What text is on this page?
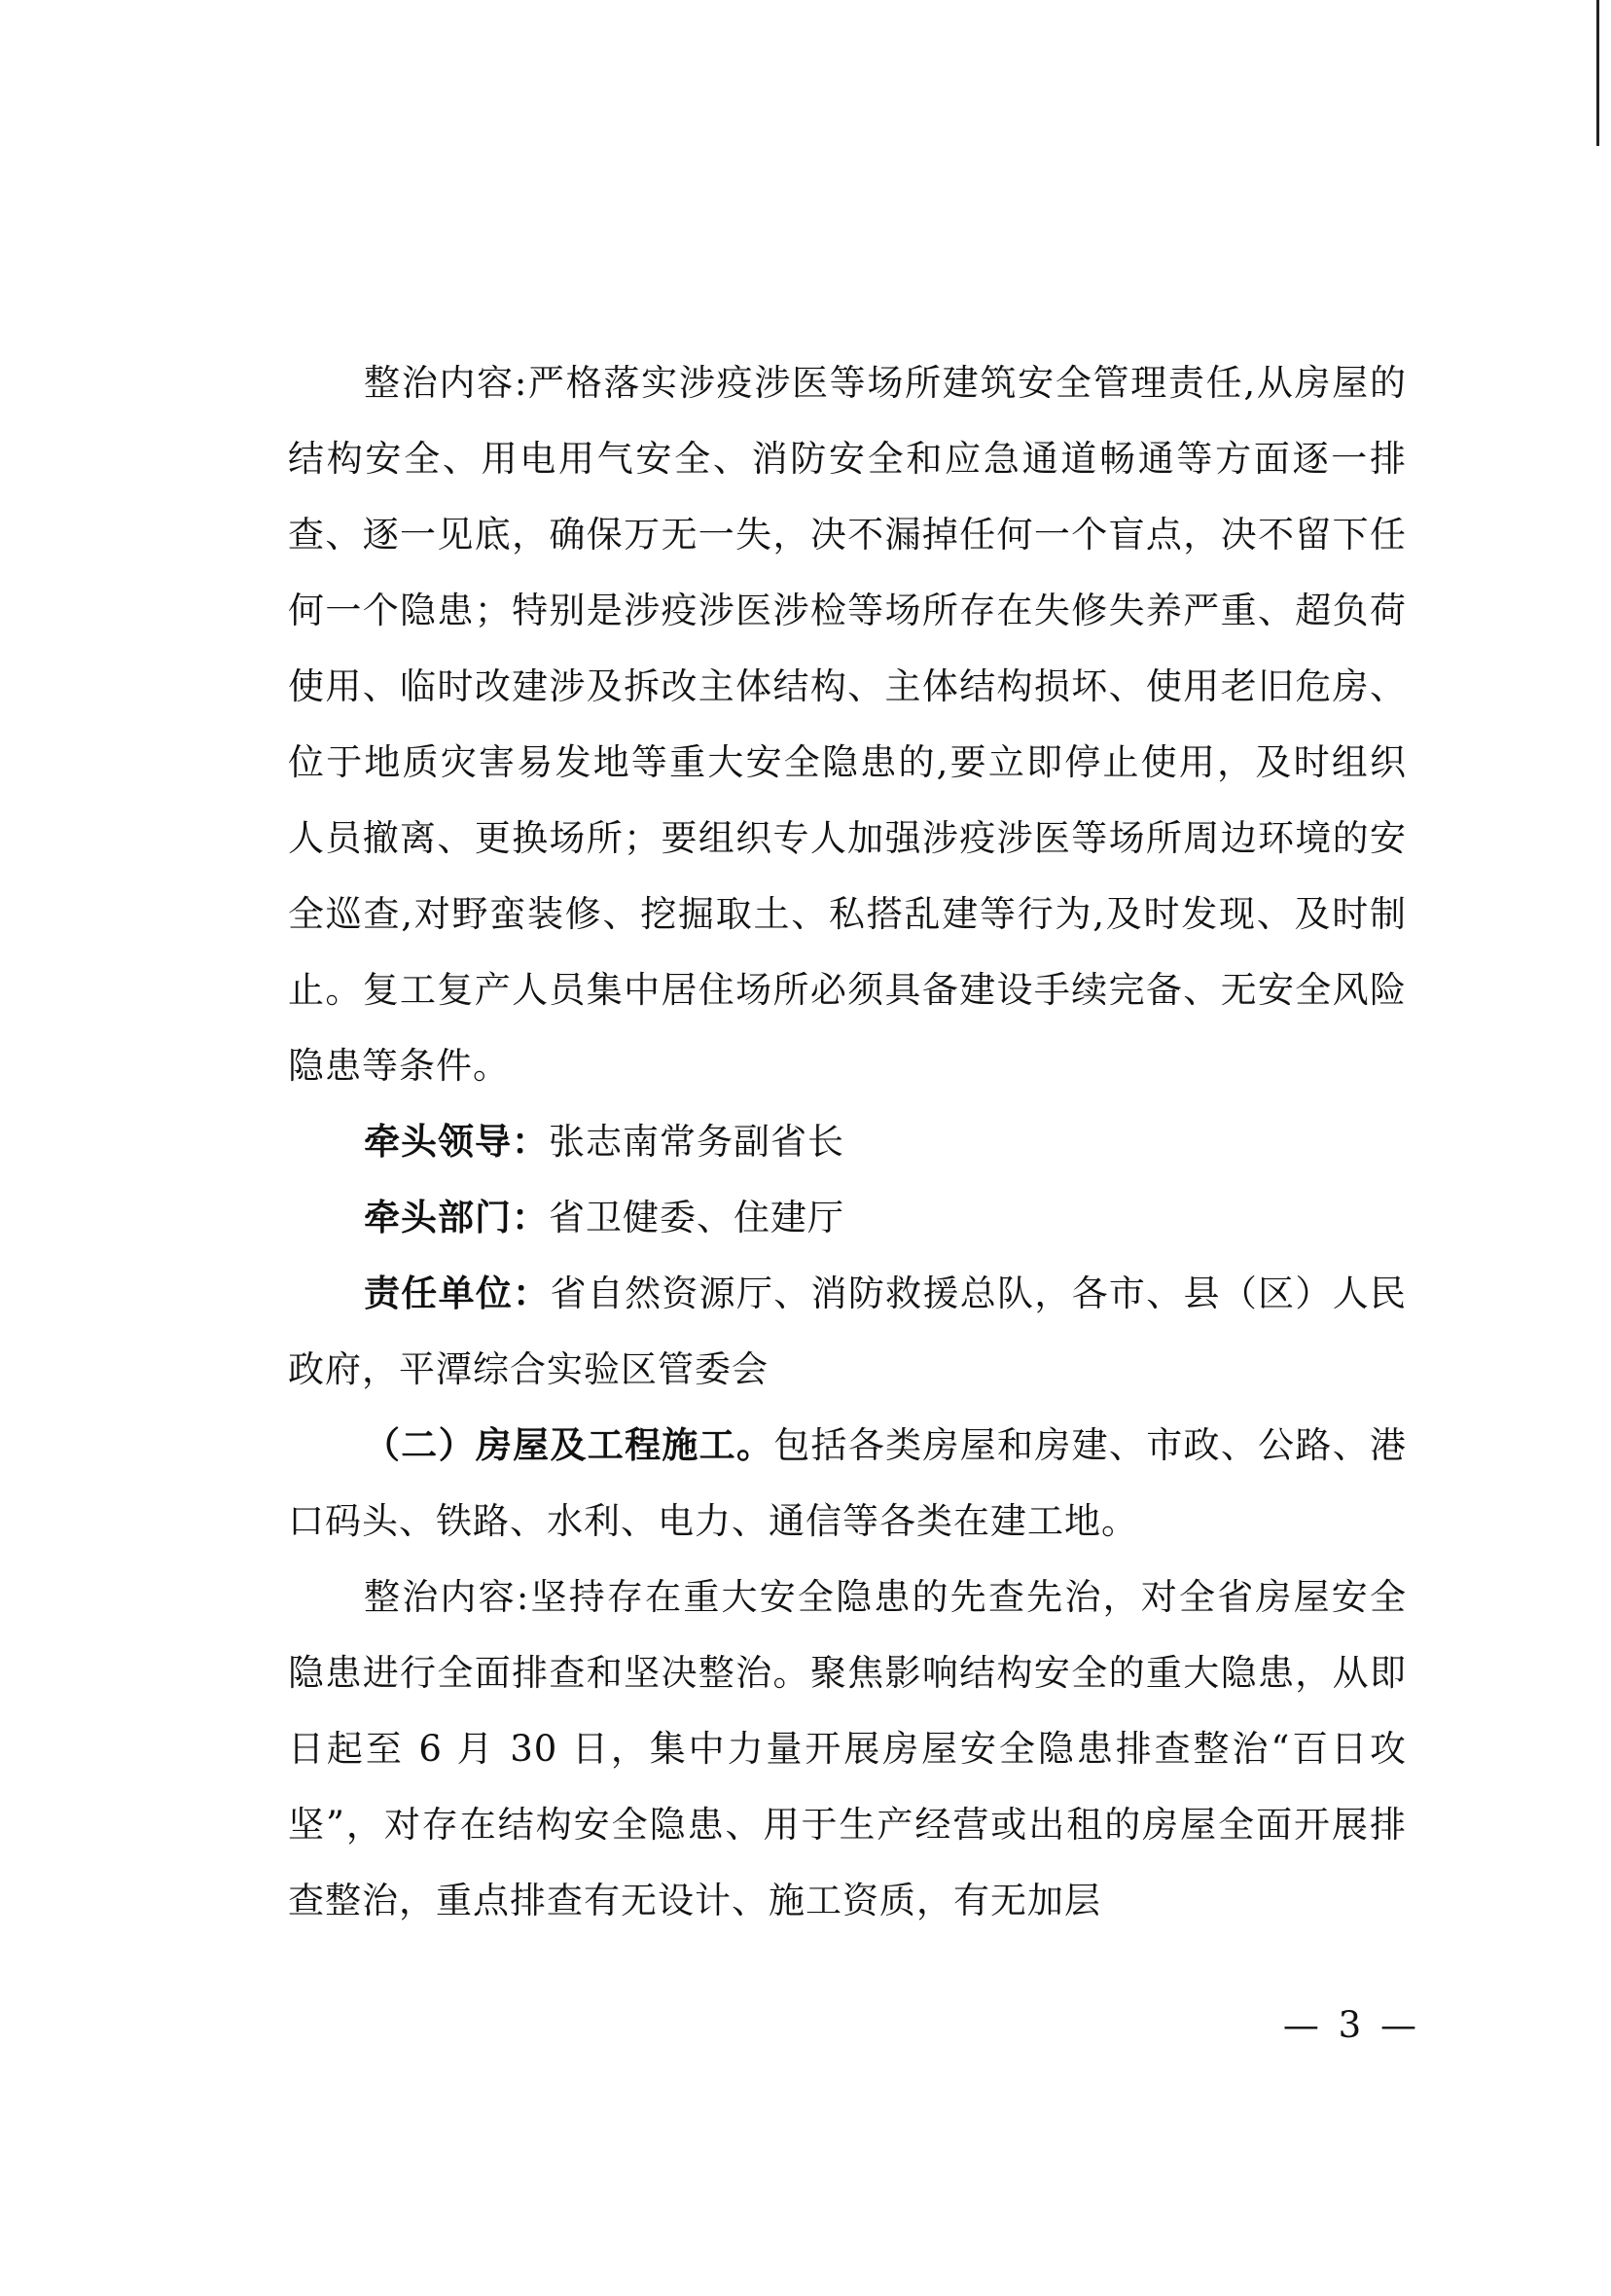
整治内容:严格落实涉疫涉医等场所建筑安全管理责任,从房屋的结构安全、用电用气安全、消防安全和应急通道畅通等方面逐一排查、逐一见底，确保万无一失，决不漏掉任何一个盲点，决不留下任何一个隐患；特别是涉疫涉医涉检等场所存在失修失养严重、超负荷使用、临时改建涉及拆改主体结构、主体结构损坏、使用老旧危房、位于地质灾害易发地等重大安全隐患的,要立即停止使用，及时组织人员撤离、更换场所；要组织专人加强涉疫涉医等场所周边环境的安全巡查,对野蛮装修、挖掘取土、私搭乱建等行为,及时发现、及时制止。复工复产人员集中居住场所必须具备建设手续完备、无安全风险隐患等条件。

牵头领导：张志南常务副省长

牵头部门：省卫健委、住建厅

责任单位：省自然资源厅、消防救援总队，各市、县（区）人民政府，平潭综合实验区管委会

（二）房屋及工程施工。包括各类房屋和房建、市政、公路、港口码头、铁路、水利、电力、通信等各类在建工地。

整治内容:坚持存在重大安全隐患的先查先治，对全省房屋安全隐患进行全面排查和坚决整治。聚焦影响结构安全的重大隐患，从即日起至 6 月 30 日，集中力量开展房屋安全隐患排查整治“百日攻坚”，对存在结构安全隐患、用于生产经营或出租的房屋全面开展排查整治，重点排查有无设计、施工资质，有无加层

— 3 —
